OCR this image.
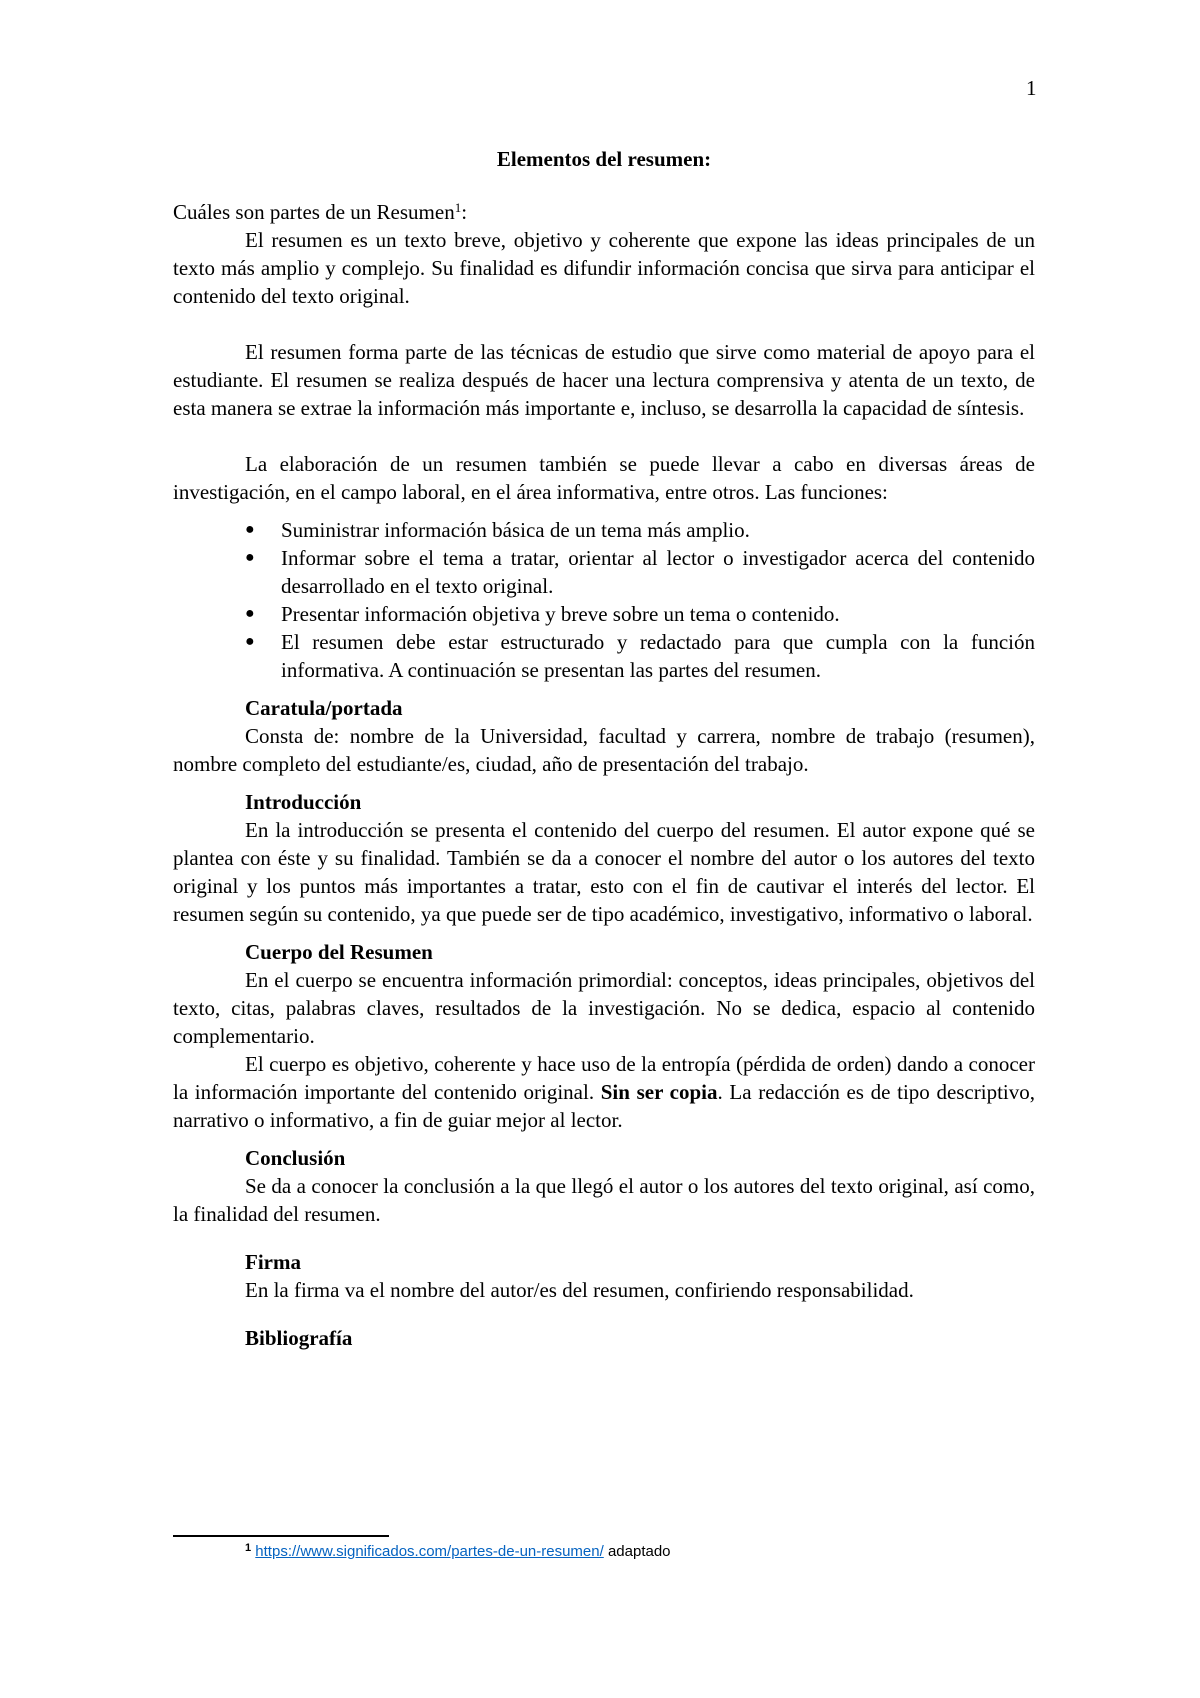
1
Elementos del resumen:

Cuáles son partes de un Resumen$^1$:

El resumen es un texto breve, objetivo y coherente que expone las ideas principales de un texto más amplio y complejo. Su finalidad es difundir información concisa que sirva para anticipar el contenido del texto original.

El resumen forma parte de las técnicas de estudio que sirve como material de apoyo para el estudiante. El resumen se realiza después de hacer una lectura comprensiva y atenta de un texto, de esta manera se extrae la información más importante e, incluso, se desarrolla la capacidad de síntesis.

La elaboración de un resumen también se puede llevar a cabo en diversas áreas de investigación, en el campo laboral, en el área informativa, entre otros. Las funciones:

● Suministrar información básica de un tema más amplio.
● Informar sobre el tema a tratar, orientar al lector o investigador acerca del contenido desarrollado en el texto original.
● Presentar información objetiva y breve sobre un tema o contenido.
● El resumen debe estar estructurado y redactado para que cumpla con la función informativa. A continuación se presentan las partes del resumen.

Caratula/portada

Consta de: nombre de la Universidad, facultad y carrera, nombre de trabajo (resumen), nombre completo del estudiante/es, ciudad, año de presentación del trabajo.

Introducción

En la introducción se presenta el contenido del cuerpo del resumen. El autor expone qué se plantea con éste y su finalidad. También se da a conocer el nombre del autor o los autores del texto original y los puntos más importantes a tratar, esto con el fin de cautivar el interés del lector. El resumen según su contenido, ya que puede ser de tipo académico, investigativo, informativo o laboral.

Cuerpo del Resumen

En el cuerpo se encuentra información primordial: conceptos, ideas principales, objetivos del texto, citas, palabras claves, resultados de la investigación. No se dedica, espacio al contenido complementario.

El cuerpo es objetivo, coherente y hace uso de la entropía (pérdida de orden) dando a conocer la información importante del contenido original. Sin ser copia. La redacción es de tipo descriptivo, narrativo o informativo, a fin de guiar mejor al lector.

Conclusión

Se da a conocer la conclusión a la que llegó el autor o los autores del texto original, así como, la finalidad del resumen.

Firma

En la firma va el nombre del autor/es del resumen, confiriendo responsabilidad.

Bibliografía

$^1$ https://www.significados.com/partes-de-un-resumen/ adaptado
